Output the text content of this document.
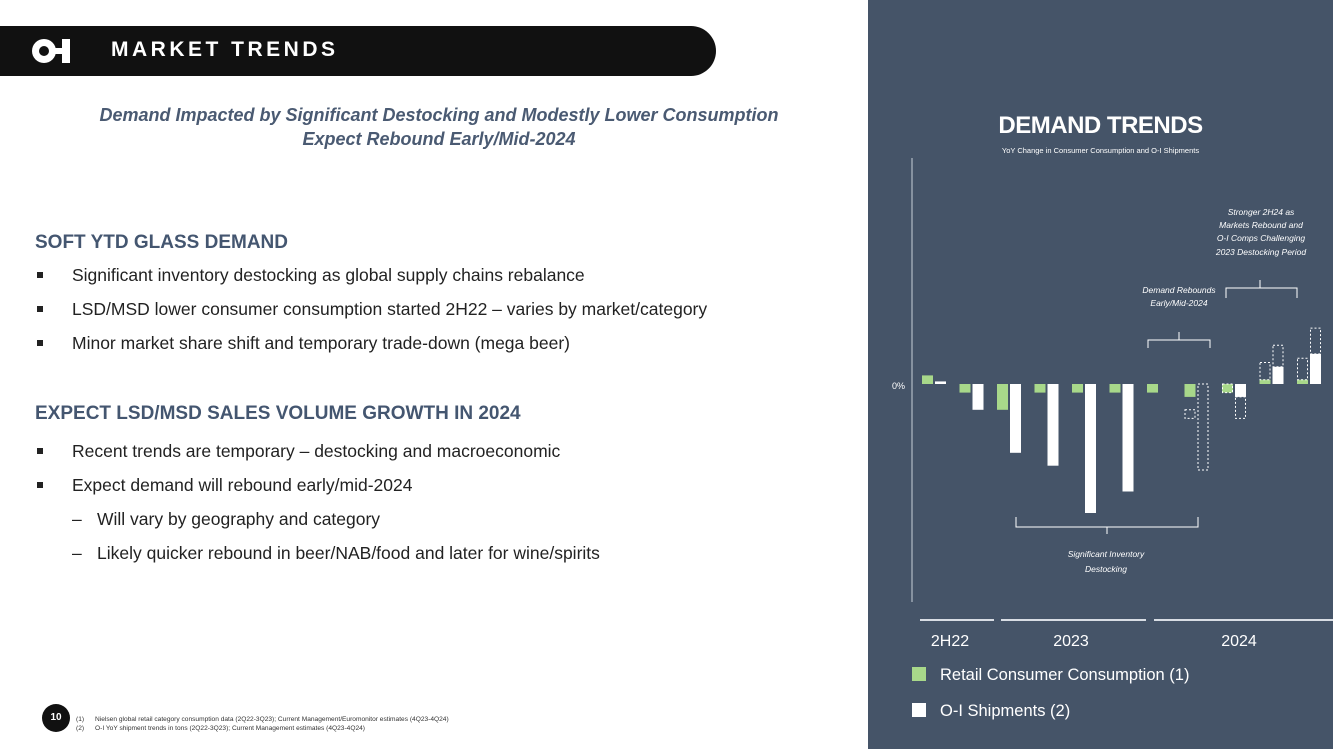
MARKET TRENDS
Demand Impacted by Significant Destocking and Modestly Lower Consumption
Expect Rebound Early/Mid-2024
SOFT YTD GLASS DEMAND
Significant inventory destocking as global supply chains rebalance
LSD/MSD lower consumer consumption started 2H22 – varies by market/category
Minor market share shift and temporary trade-down (mega beer)
EXPECT LSD/MSD SALES VOLUME GROWTH IN 2024
Recent trends are temporary – destocking and macroeconomic
Expect demand will rebound early/mid-2024
– Will vary by geography and category
– Likely quicker rebound in beer/NAB/food and later for wine/spirits
10	(1) Nielsen global retail category consumption data (2Q22-3Q23); Current Management/Euromonitor estimates (4Q23-4Q24)
(2) O-I YoY shipment trends in tons (2Q22-3Q23); Current Management estimates (4Q23-4Q24)
DEMAND TRENDS
YoY Change in Consumer Consumption and O-I Shipments
0%
Significant Inventory
Destocking
Demand Rebounds
Early/Mid-2024
Stronger 2H24 as
Markets Rebound and
O-I Comps Challenging
2023 Destocking Period
2H22	2023	2024
Retail Consumer Consumption (1)
O-I Shipments (2)
